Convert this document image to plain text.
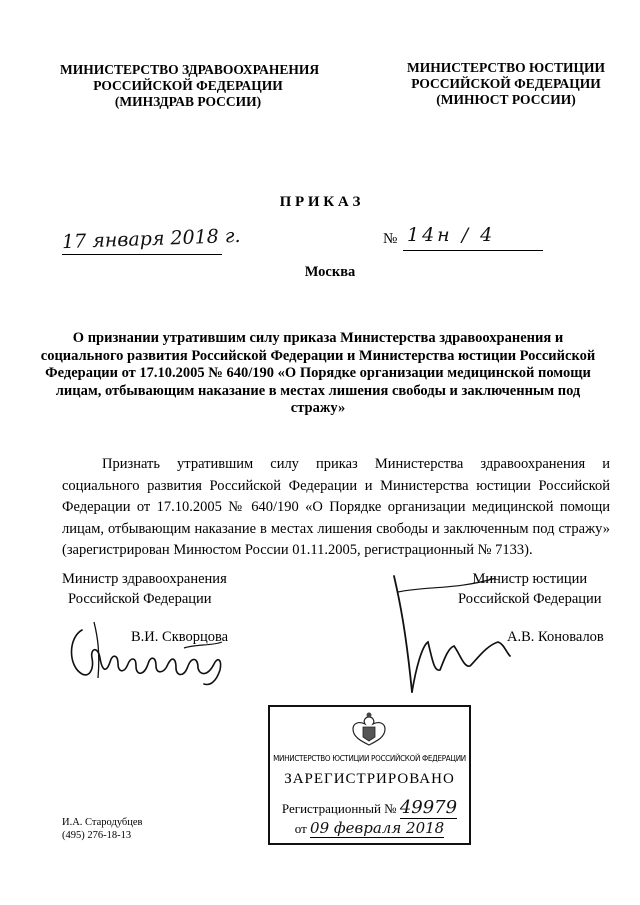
МИНИСТЕРСТВО ЗДРАВООХРАНЕНИЯ
РОССИЙСКОЙ ФЕДЕРАЦИИ
(МИНЗДРАВ РОССИИ)
МИНИСТЕРСТВО ЮСТИЦИИ
РОССИЙСКОЙ ФЕДЕРАЦИИ
(МИНЮСТ РОССИИ)
П Р И К А З
17 января 2018 г.	№ 14н / 4
Москва
О признании утратившим силу приказа Министерства здравоохранения и социального развития Российской Федерации и Министерства юстиции Российской Федерации от 17.10.2005 № 640/190 «О Порядке организации медицинской помощи лицам, отбывающим наказание в местах лишения свободы и заключенным под стражу»
Признать утратившим силу приказ Министерства здравоохранения и социального развития Российской Федерации и Министерства юстиции Российской Федерации от 17.10.2005 № 640/190 «О Порядке организации медицинской помощи лицам, отбывающим наказание в местах лишения свободы и заключенным под стражу» (зарегистрирован Минюстом России 01.11.2005, регистрационный № 7133).
Министр здравоохранения
Российской Федерации
В.И. Скворцова
Министр юстиции
Российской Федерации
А.В. Коновалов
МИНИСТЕРСТВО ЮСТИЦИИ РОССИЙСКОЙ ФЕДЕРАЦИИ
ЗАРЕГИСТРИРОВАНО
Регистрационный № 49979
от 09 февраля 2018
И.А. Стародубцев
(495) 276-18-13
